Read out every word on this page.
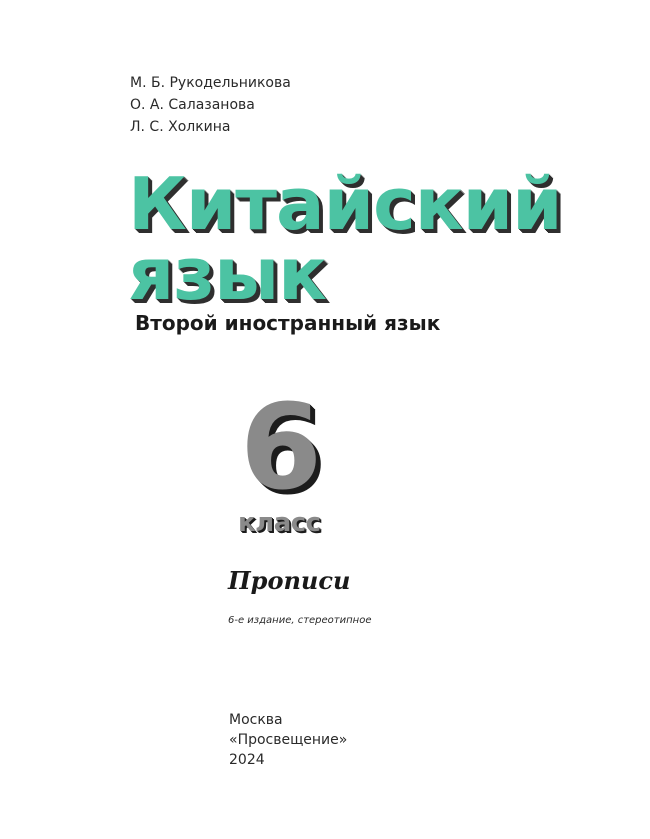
М. Б. Рукодельникова
О. А. Салазанова
Л. С. Холкина
Китайский
язык
Второй иностранный язык
6
класс
Прописи
6-е издание, стереотипное
Москва
«Просвещение»
2024
